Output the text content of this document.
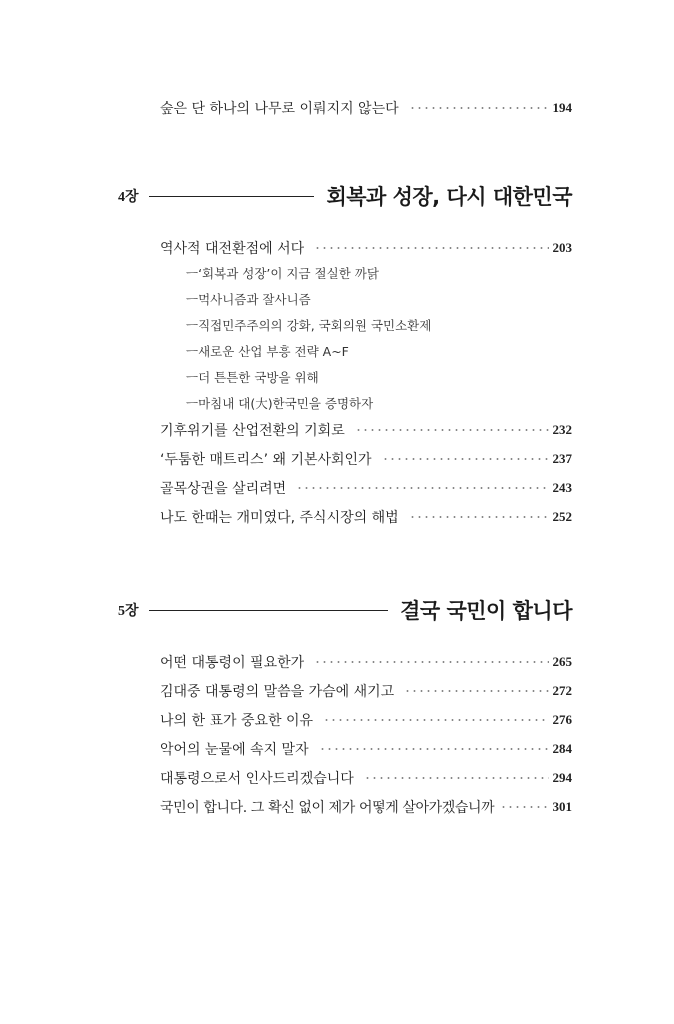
숲은 단 하나의 나무로 이뤄지지 않는다	194
4장	회복과 성장, 다시 대한민국
역사적 대전환점에 서다	203
ㅡ‘회복과 성장’이 지금 절실한 까닭
ㅡ먹사니즘과 잘사니즘
ㅡ직접민주주의의 강화, 국회의원 국민소환제
ㅡ새로운 산업 부흥 전략 A~F
ㅡ더 튼튼한 국방을 위해
ㅡ마침내 대(大)한국민을 증명하자
기후위기를 산업전환의 기회로	232
‘두툼한 매트리스’ 왜 기본사회인가	237
골목상권을 살리려면	243
나도 한때는 개미였다, 주식시장의 해법	252
5장	결국 국민이 합니다
어떤 대통령이 필요한가	265
김대중 대통령의 말씀을 가슴에 새기고	272
나의 한 표가 중요한 이유	276
악어의 눈물에 속지 말자	284
대통령으로서 인사드리겠습니다	294
국민이 합니다. 그 확신 없이 제가 어떻게 살아가겠습니까	301
